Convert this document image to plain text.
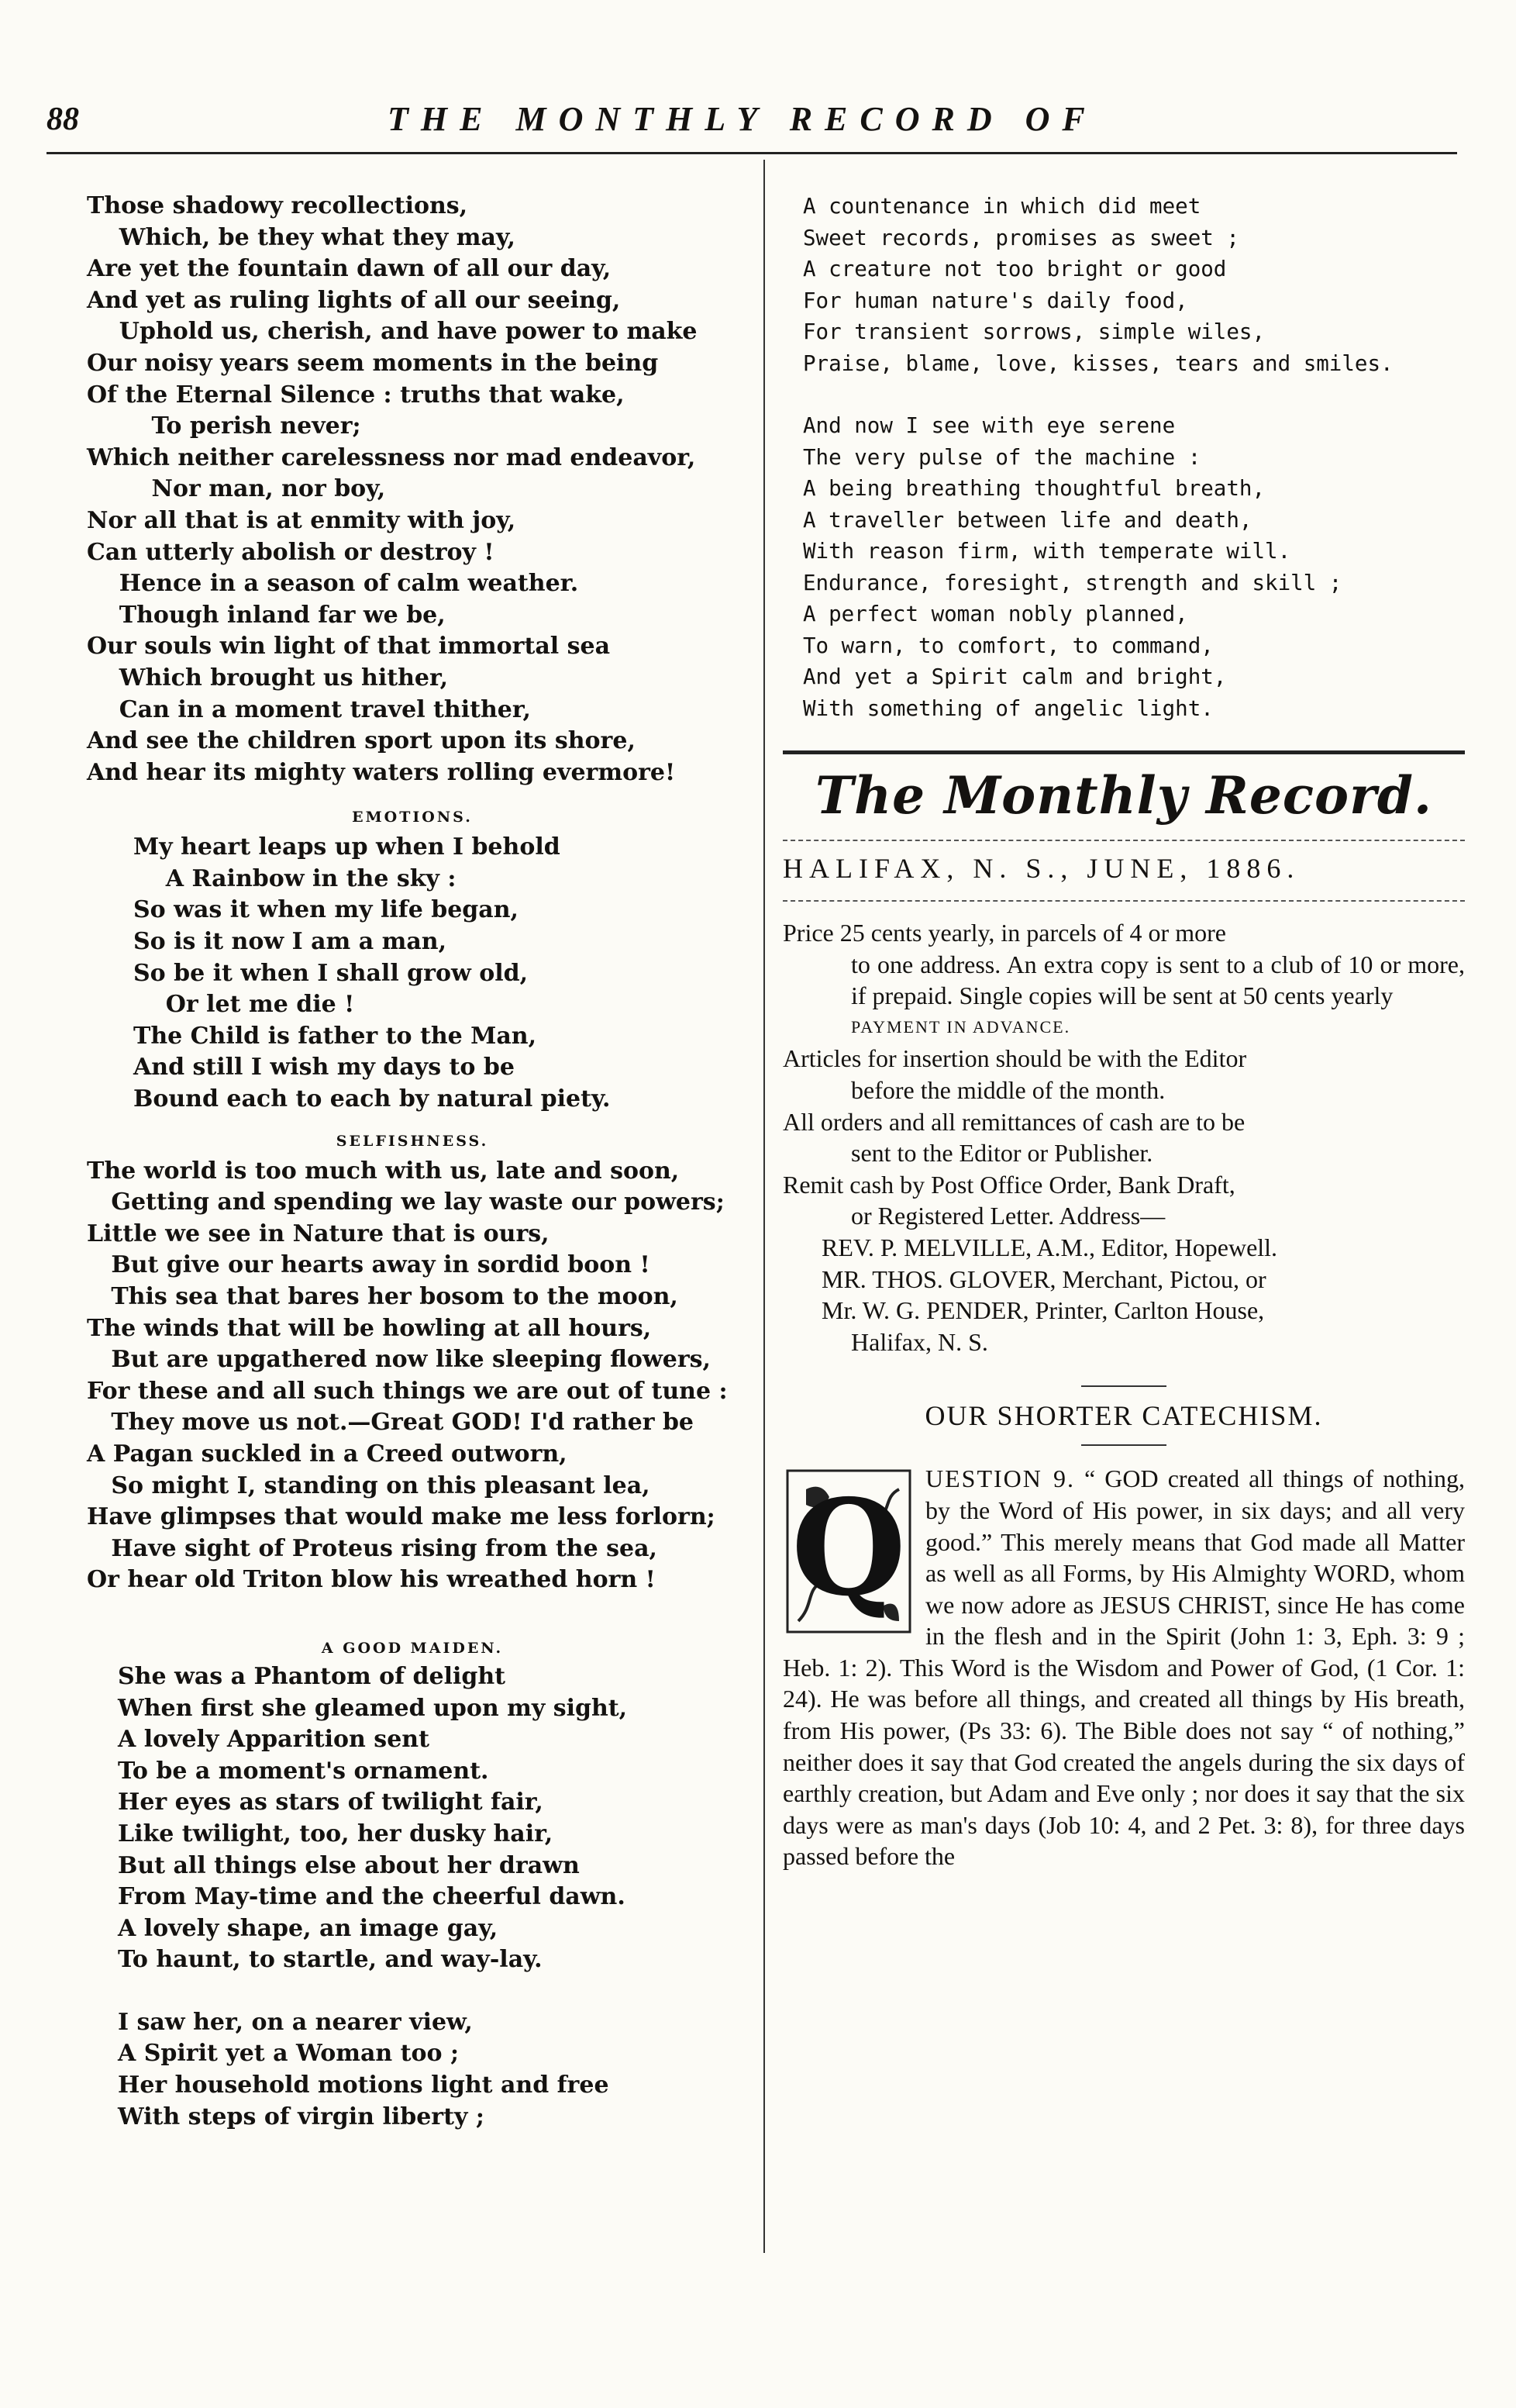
88	THE MONTHLY RECORD OF
Those shadowy recollections,
Which, be they what they may,
Are yet the fountain dawn of all our day,
And yet as ruling lights of all our seeing,
Uphold us, cherish, and have power to make
Our noisy years seem moments in the being
Of the Eternal Silence : truths that wake,
To perish never;
Which neither carelessness nor mad endeavor,
Nor man, nor boy,
Nor all that is at enmity with joy,
Can utterly abolish or destroy !
Hence in a season of calm weather.
Though inland far we be,
Our souls win light of that immortal sea
Which brought us hither,
Can in a moment travel thither,
And see the children sport upon its shore,
And hear its mighty waters rolling evermore!
EMOTIONS.
My heart leaps up when I behold
A Rainbow in the sky :
So was it when my life began,
So is it now I am a man,
So be it when I shall grow old,
Or let me die !
The Child is father to the Man,
And still I wish my days to be
Bound each to each by natural piety.
SELFISHNESS.
The world is too much with us, late and soon,
Getting and spending we lay waste our powers;
Little we see in Nature that is ours,
But give our hearts away in sordid boon !
This sea that bares her bosom to the moon,
The winds that will be howling at all hours,
But are upgathered now like sleeping flowers,
For these and all such things we are out of tune :
They move us not.—Great GOD! I'd rather be
A Pagan suckled in a Creed outworn,
So might I, standing on this pleasant lea,
Have glimpses that would make me less forlorn;
Have sight of Proteus rising from the sea,
Or hear old Triton blow his wreathed horn !
A GOOD MAIDEN.
She was a Phantom of delight
When first she gleamed upon my sight,
A lovely Apparition sent
To be a moment's ornament.
Her eyes as stars of twilight fair,
Like twilight, too, her dusky hair,
But all things else about her drawn
From May-time and the cheerful dawn.
A lovely shape, an image gay,
To haunt, to startle, and way-lay.
I saw her, on a nearer view,
A Spirit yet a Woman too ;
Her household motions light and free
With steps of virgin liberty ;
A countenance in which did meet
Sweet records, promises as sweet ;
A creature not too bright or good
For human nature's daily food,
For transient sorrows, simple wiles,
Praise, blame, love, kisses, tears and smiles.
And now I see with eye serene
The very pulse of the machine :
A being breathing thoughtful breath,
A traveller between life and death,
With reason firm, with temperate will.
Endurance, foresight, strength and skill ;
A perfect woman nobly planned,
To warn, to comfort, to command,
And yet a Spirit calm and bright,
With something of angelic light.
The Monthly Record.
HALIFAX, N. S., JUNE, 1886.

Price 25 cents yearly, in parcels of 4 or more

to one address. An extra copy is sent to a club of 10 or more, if prepaid. Single copies will be sent at 50 cents yearly

PAYMENT IN ADVANCE.

Articles for insertion should be with the Editor

before the middle of the month.

All orders and all remittances of cash are to be

sent to the Editor or Publisher.

Remit cash by Post Office Order, Bank Draft,

or Registered Letter. Address—

REV. P. MELVILLE, A.M., Editor, Hopewell.

MR. THOS. GLOVER, Merchant, Pictou, or

Mr. W. G. PENDER, Printer, Carlton House,

Halifax, N. S.

OUR SHORTER CATECHISM.
Q UESTION 9. “ GOD created all things of nothing, by the Word of His power, in six days; and all very good.” This merely means that God made all Matter as well as all Forms, by His Almighty WORD, whom we now adore as JESUS CHRIST, since He has come in the flesh and in the Spirit (John 1: 3, Eph. 3: 9 ; Heb. 1: 2). This Word is the Wisdom and Power of God, (1 Cor. 1: 24). He was before all things, and created all things by His breath, from His power, (Ps 33: 6). The Bible does not say “ of nothing,” neither does it say that God created the angels during the six days of earthly creation, but Adam and Eve only ; nor does it say that the six days were as man's days (Job 10: 4, and 2 Pet. 3: 8), for three days passed before the
